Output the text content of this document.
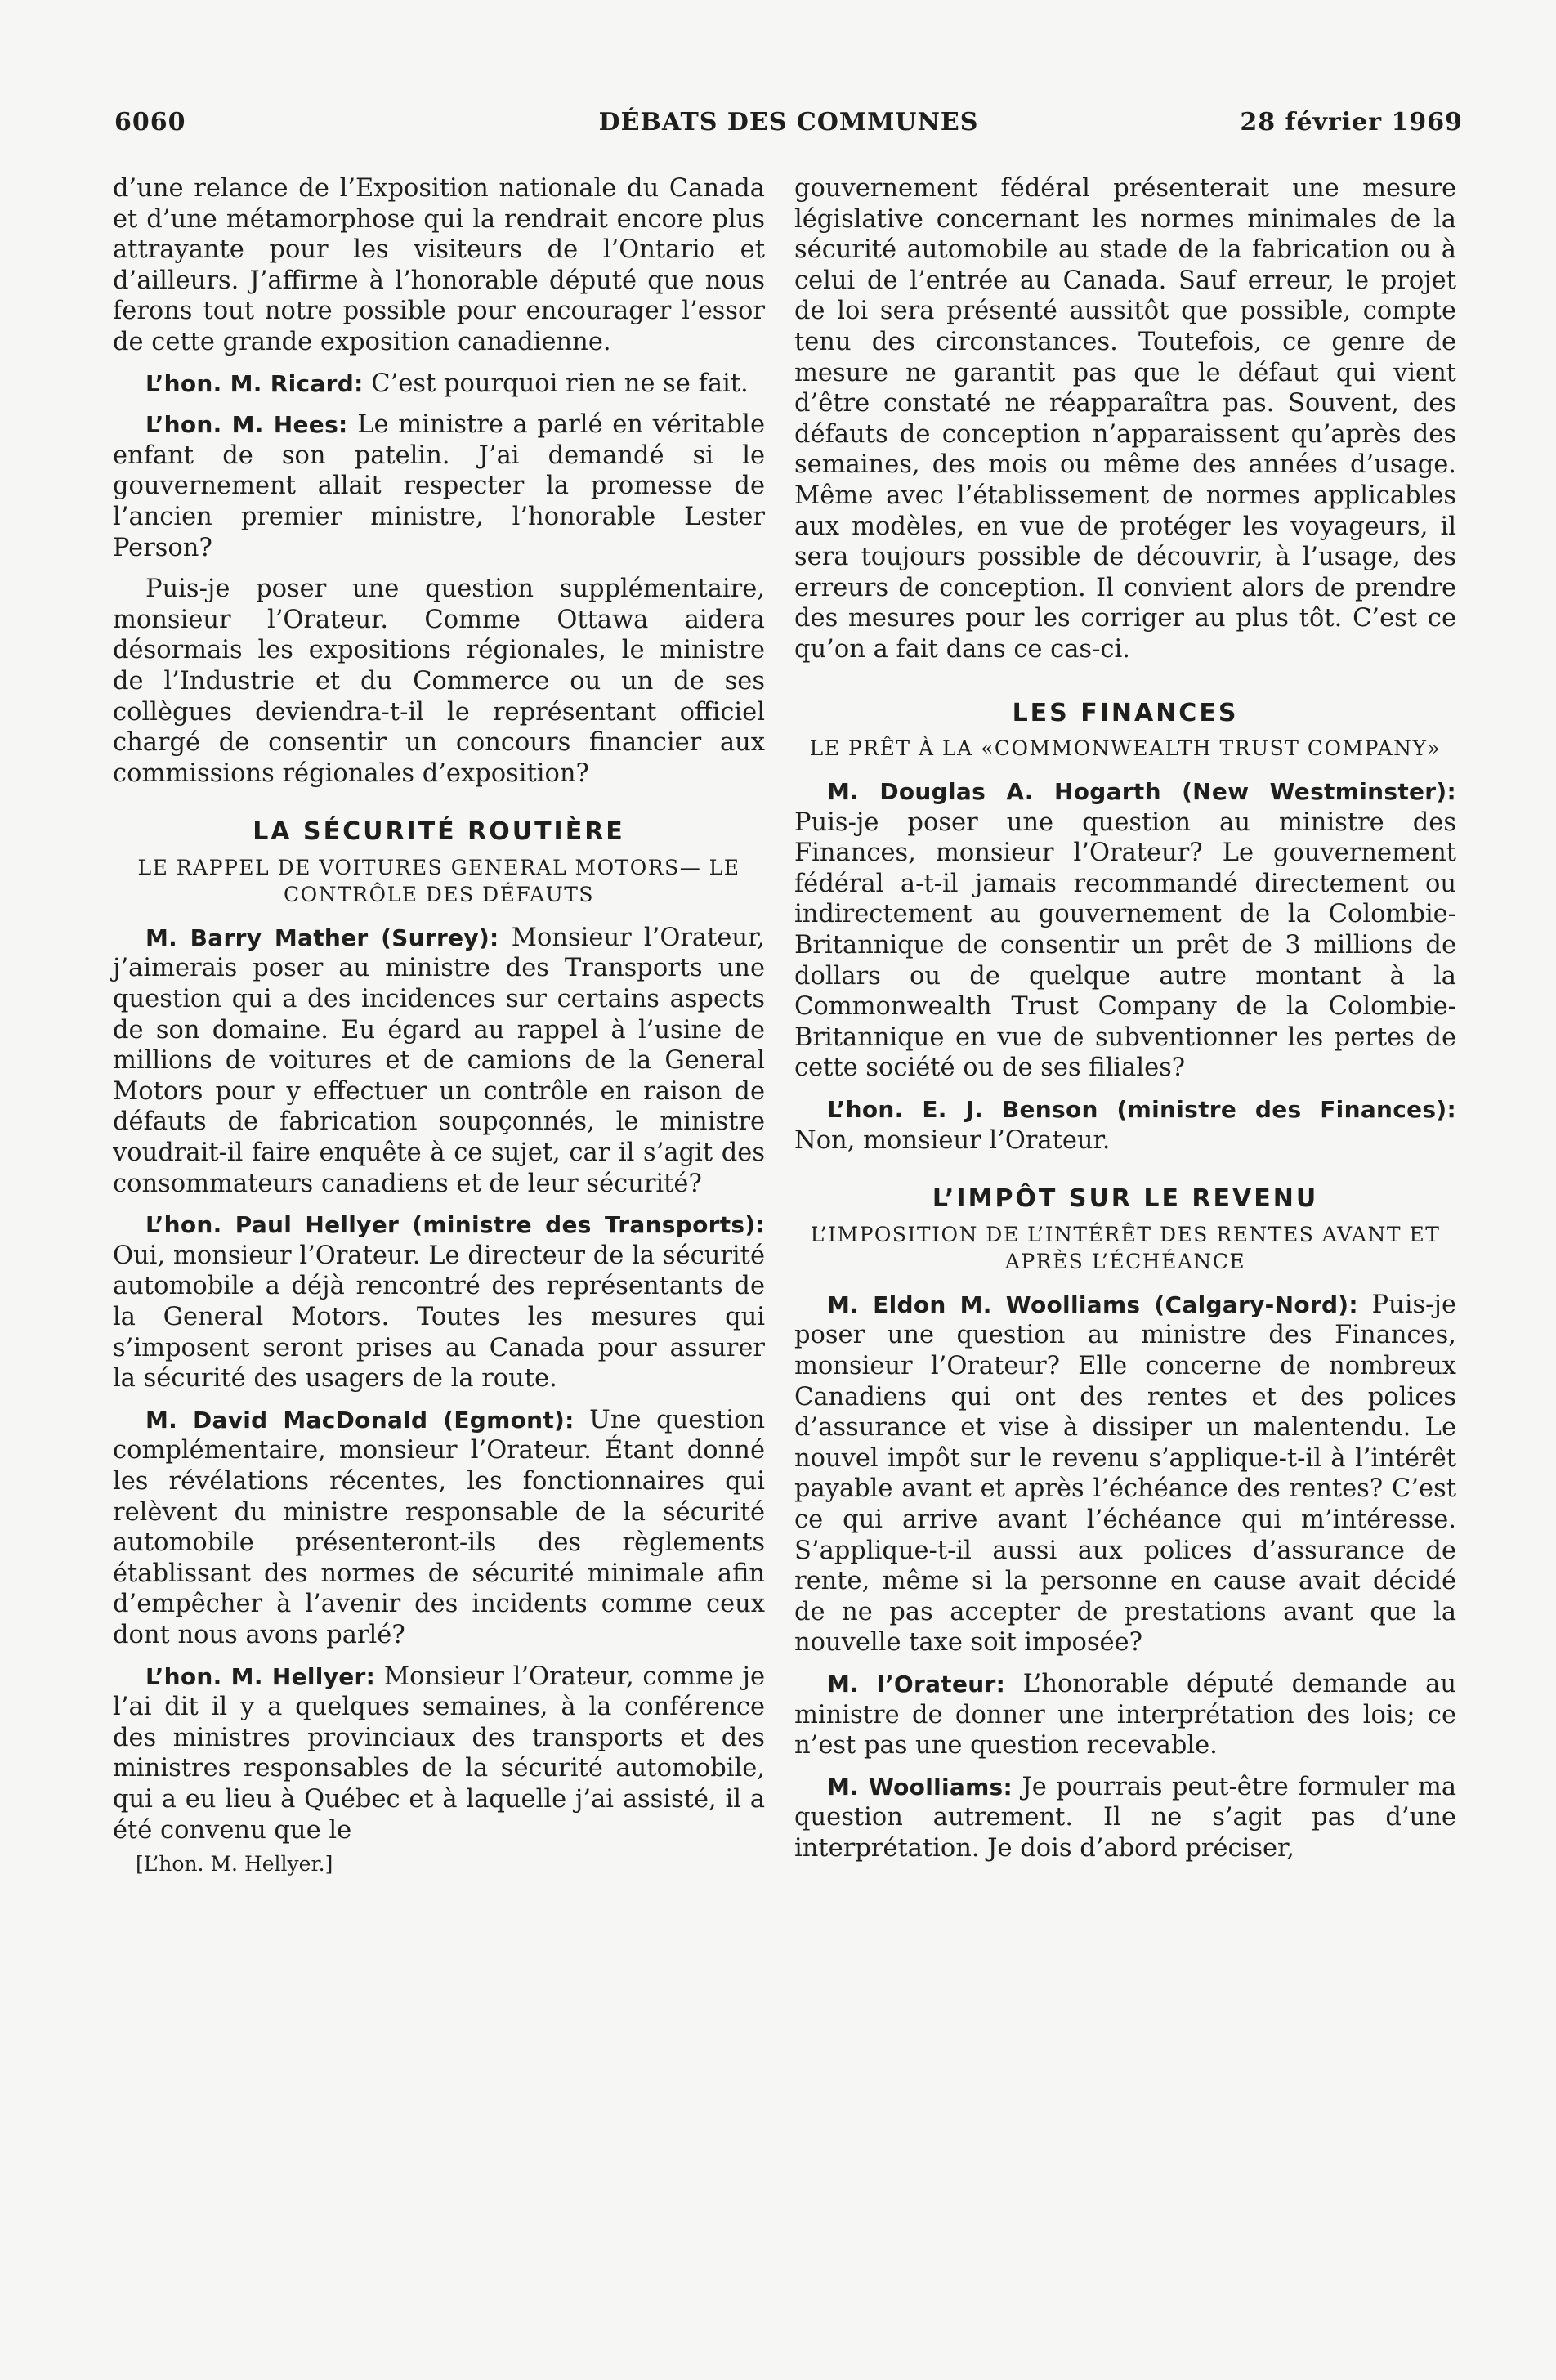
6060	DÉBATS DES COMMUNES	28 février 1969

d’une relance de l’Exposition nationale du Canada et d’une métamorphose qui la rendrait encore plus attrayante pour les visiteurs de l’Ontario et d’ailleurs. J’affirme à l’honorable député que nous ferons tout notre possible pour encourager l’essor de cette grande exposition canadienne.

L’hon. M. Ricard: C’est pourquoi rien ne se fait.

L’hon. M. Hees: Le ministre a parlé en véritable enfant de son patelin. J’ai demandé si le gouvernement allait respecter la promesse de l’ancien premier ministre, l’honorable Lester Person?

Puis-je poser une question supplémentaire, monsieur l’Orateur. Comme Ottawa aidera désormais les expositions régionales, le ministre de l’Industrie et du Commerce ou un de ses collègues deviendra-t-il le représentant officiel chargé de consentir un concours financier aux commissions régionales d’exposition?

LA SÉCURITÉ ROUTIÈRE
LE RAPPEL DE VOITURES GENERAL MOTORS— LE CONTRÔLE DES DÉFAUTS

M. Barry Mather (Surrey): Monsieur l’Orateur, j’aimerais poser au ministre des Transports une question qui a des incidences sur certains aspects de son domaine. Eu égard au rappel à l’usine de millions de voitures et de camions de la General Motors pour y effectuer un contrôle en raison de défauts de fabrication soupçonnés, le ministre voudrait-il faire enquête à ce sujet, car il s’agit des consommateurs canadiens et de leur sécurité?

L’hon. Paul Hellyer (ministre des Transports): Oui, monsieur l’Orateur. Le directeur de la sécurité automobile a déjà rencontré des représentants de la General Motors. Toutes les mesures qui s’imposent seront prises au Canada pour assurer la sécurité des usagers de la route.

M. David MacDonald (Egmont): Une question complémentaire, monsieur l’Orateur. Étant donné les révélations récentes, les fonctionnaires qui relèvent du ministre responsable de la sécurité automobile présenteront-ils des règlements établissant des normes de sécurité minimale afin d’empêcher à l’avenir des incidents comme ceux dont nous avons parlé?

L’hon. M. Hellyer: Monsieur l’Orateur, comme je l’ai dit il y a quelques semaines, à la conférence des ministres provinciaux des transports et des ministres responsables de la sécurité automobile, qui a eu lieu à Québec et à laquelle j’ai assisté, il a été convenu que le

[L’hon. M. Hellyer.]

gouvernement fédéral présenterait une mesure législative concernant les normes minimales de la sécurité automobile au stade de la fabrication ou à celui de l’entrée au Canada. Sauf erreur, le projet de loi sera présenté aussitôt que possible, compte tenu des circonstances. Toutefois, ce genre de mesure ne garantit pas que le défaut qui vient d’être constaté ne réapparaîtra pas. Souvent, des défauts de conception n’apparaissent qu’après des semaines, des mois ou même des années d’usage. Même avec l’établissement de normes applicables aux modèles, en vue de protéger les voyageurs, il sera toujours possible de découvrir, à l’usage, des erreurs de conception. Il convient alors de prendre des mesures pour les corriger au plus tôt. C’est ce qu’on a fait dans ce cas-ci.

LES FINANCES
LE PRÊT À LA «COMMONWEALTH TRUST COMPANY»

M. Douglas A. Hogarth (New Westminster): Puis-je poser une question au ministre des Finances, monsieur l’Orateur? Le gouvernement fédéral a-t-il jamais recommandé directement ou indirectement au gouvernement de la Colombie-Britannique de consentir un prêt de 3 millions de dollars ou de quelque autre montant à la Commonwealth Trust Company de la Colombie-Britannique en vue de subventionner les pertes de cette société ou de ses filiales?

L’hon. E. J. Benson (ministre des Finances): Non, monsieur l’Orateur.

L’IMPÔT SUR LE REVENU
L’IMPOSITION DE L’INTÉRÊT DES RENTES AVANT ET APRÈS L’ÉCHÉANCE

M. Eldon M. Woolliams (Calgary-Nord): Puis-je poser une question au ministre des Finances, monsieur l’Orateur? Elle concerne de nombreux Canadiens qui ont des rentes et des polices d’assurance et vise à dissiper un malentendu. Le nouvel impôt sur le revenu s’applique-t-il à l’intérêt payable avant et après l’échéance des rentes? C’est ce qui arrive avant l’échéance qui m’intéresse. S’applique-t-il aussi aux polices d’assurance de rente, même si la personne en cause avait décidé de ne pas accepter de prestations avant que la nouvelle taxe soit imposée?

M. l’Orateur: L’honorable député demande au ministre de donner une interprétation des lois; ce n’est pas une question recevable.

M. Woolliams: Je pourrais peut-être formuler ma question autrement. Il ne s’agit pas d’une interprétation. Je dois d’abord préciser,
